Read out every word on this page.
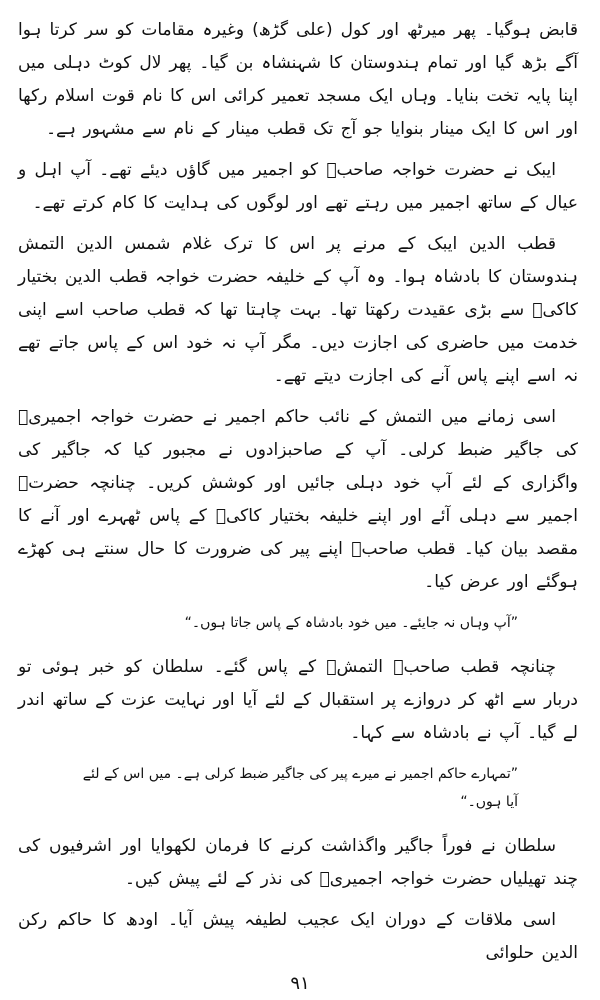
قابض ہوگیا۔ پھر میرٹھ اور کول (علی گڑھ) وغیرہ مقامات کو سر کرتا ہوا آگے بڑھ گیا اور تمام ہندوستان کا شہنشاہ بن گیا۔ پھر لال کوٹ دہلی میں اپنا پایہ تخت بنایا۔ وہاں ایک مسجد تعمیر کرائی اس کا نام قوت اسلام رکھا اور اس کا ایک مینار بنوایا جو آج تک قطب مینار کے نام سے مشہور ہے۔

ایبک نے حضرت خواجہ صاحبؒ کو اجمیر میں گاؤں دیئے تھے۔ آپ اہل و عیال کے ساتھ اجمیر میں رہتے تھے اور لوگوں کی ہدایت کا کام کرتے تھے۔

قطب الدین ایبک کے مرنے پر اس کا ترک غلام شمس الدین التمش ہندوستان کا بادشاہ ہوا۔ وہ آپ کے خلیفہ حضرت خواجہ قطب الدین بختیار کاکیؒ سے بڑی عقیدت رکھتا تھا۔ بہت چاہتا تھا کہ قطب صاحب اسے اپنی خدمت میں حاضری کی اجازت دیں۔ مگر آپ نہ خود اس کے پاس جاتے تھے نہ اسے اپنے پاس آنے کی اجازت دیتے تھے۔

اسی زمانے میں التمش کے نائب حاکم اجمیر نے حضرت خواجہ اجمیریؒ کی جاگیر ضبط کرلی۔ آپ کے صاحبزادوں نے مجبور کیا کہ جاگیر کی واگزاری کے لئے آپ خود دہلی جائیں اور کوشش کریں۔ چنانچہ حضرتؒ اجمیر سے دہلی آئے اور اپنے خلیفہ بختیار کاکیؒ کے پاس ٹھہرے اور آنے کا مقصد بیان کیا۔ قطب صاحبؒ اپنے پیر کی ضرورت کا حال سنتے ہی کھڑے ہوگئے اور عرض کیا۔

”آپ وہاں نہ جایئے۔ میں خود بادشاہ کے پاس جاتا ہوں۔“

چنانچہ قطب صاحبؒ التمشؒ کے پاس گئے۔ سلطان کو خبر ہوئی تو دربار سے اٹھ کر دروازے پر استقبال کے لئے آیا اور نہایت عزت کے ساتھ اندر لے گیا۔ آپ نے بادشاہ سے کہا۔

”تمہارے حاکم اجمیر نے میرے پیر کی جاگیر ضبط کرلی ہے۔ میں اس کے لئے آیا ہوں۔“

سلطان نے فوراً جاگیر واگذاشت کرنے کا فرمان لکھوایا اور اشرفیوں کی چند تھیلیاں حضرت خواجہ اجمیریؒ کی نذر کے لئے پیش کیں۔

اسی ملاقات کے دوران ایک عجیب لطیفہ پیش آیا۔ اودھ کا حاکم رکن الدین حلوائی

۹۱
